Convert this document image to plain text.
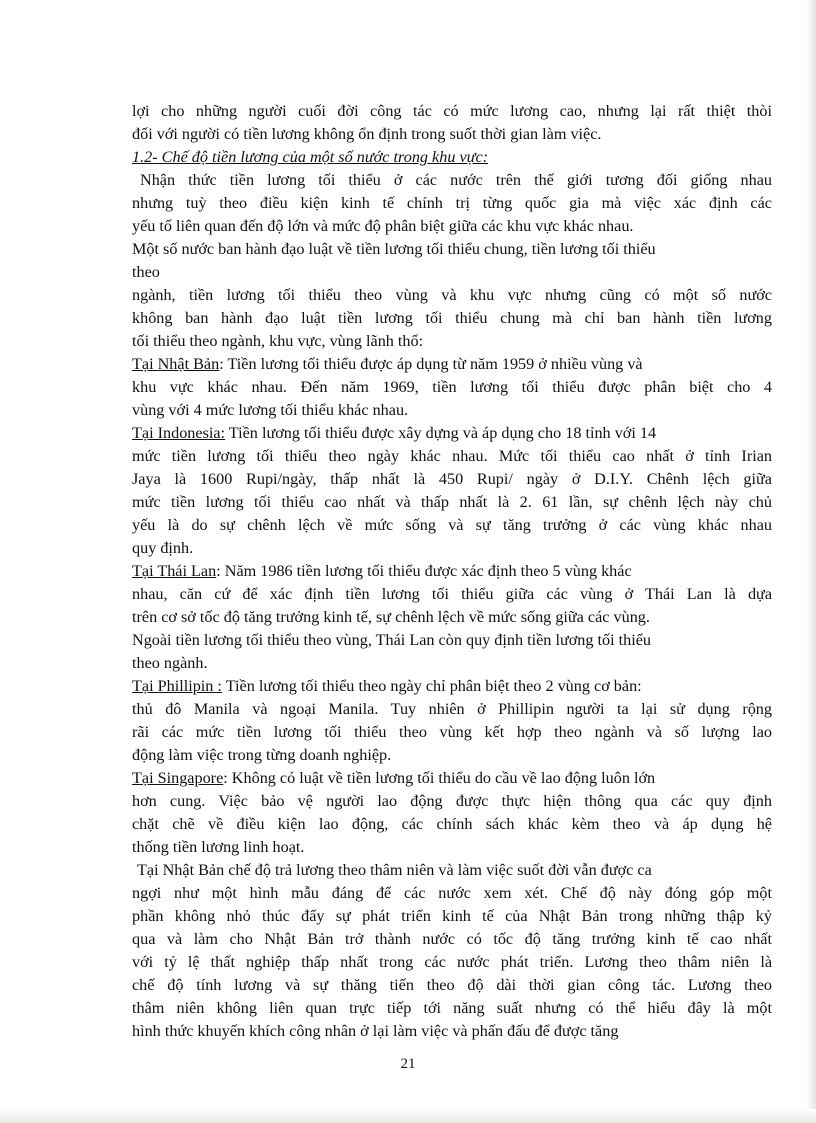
lợi cho những người cuối đời công tác có mức lương cao, nhưng lại rất thiệt thòi
đối với người có tiền lương không ổn định trong suốt thời gian làm việc.
1.2- Chế độ tiền lương của một số nước trong khu vực:
Nhận thức tiền lương tối thiểu ở các nước trên thế giới tương đối giống nhau
nhưng tuỳ theo điều kiện kinh tế chính trị từng quốc gia mà việc xác định các
yếu tố liên quan đến độ lớn và mức độ phân biệt giữa các khu vực khác nhau.
Một số nước ban hành đạo luật về tiền lương tối thiểu chung, tiền lương tối thiểu
theo
ngành, tiền lương tối thiểu theo vùng và khu vực nhưng cũng có một số nước
không ban hành đạo luật tiền lương tối thiểu chung mà chỉ ban hành tiền lương
tối thiểu theo ngành, khu vực, vùng lãnh thổ:
Tại Nhật Bản: Tiền lương tối thiểu được áp dụng từ năm 1959 ở nhiều vùng và
khu vực khác nhau. Đến năm 1969, tiền lương tối thiểu được phân biệt cho 4
vùng với 4 mức lương tối thiểu khác nhau.
Tại Indonesia: Tiền lương tối thiểu được xây dựng và áp dụng cho 18 tỉnh với 14
mức tiền lương tối thiểu theo ngày khác nhau. Mức tối thiểu cao nhất ở tỉnh Irian
Jaya là 1600 Rupi/ngày, thấp nhất là 450 Rupi/ ngày ở D.I.Y. Chênh lệch giữa
mức tiền lương tối thiểu cao nhất và thấp nhất là 2. 61 lần, sự chênh lệch này chủ
yếu là do sự chênh lệch về mức sống và sự tăng trưởng ở các vùng khác nhau
quy định.
Tại Thái Lan: Năm 1986 tiền lương tối thiểu được xác định theo 5 vùng khác
nhau, căn cứ để xác định tiền lương tối thiểu giữa các vùng ở Thái Lan là dựa
trên cơ sở tốc độ tăng trưởng kinh tế, sự chênh lệch về mức sống giữa các vùng.
Ngoài tiền lương tối thiểu theo vùng, Thái Lan còn quy định tiền lương tối thiểu
theo ngành.
Tại Phillipin : Tiền lương tối thiểu theo ngày chỉ phân biệt theo 2 vùng cơ bản:
thủ đô Manila và ngoại Manila. Tuy nhiên ở Phillipin người ta lại sử dụng rộng
rãi các mức tiền lương tối thiểu theo vùng kết hợp theo ngành và số lượng lao
động làm việc trong từng doanh nghiệp.
Tại Singapore: Không có luật về tiền lương tối thiểu do cầu về lao động luôn lớn
hơn cung. Việc bảo vệ người lao động được thực hiện thông qua các quy định
chặt chẽ về điều kiện lao động, các chính sách khác kèm theo và áp dụng hệ
thống tiền lương linh hoạt.
Tại Nhật Bản chế độ trả lương theo thâm niên và làm việc suốt đời vẫn được ca
ngợi như một hình mẫu đáng để các nước xem xét. Chế độ này đóng góp một
phần không nhỏ thúc đẩy sự phát triển kinh tế của Nhật Bản trong những thập kỷ
qua và làm cho Nhật Bản trở thành nước có tốc độ tăng trưởng kinh tế cao nhất
với tỷ lệ thất nghiệp thấp nhất trong các nước phát triển. Lương theo thâm niên là
chế độ tính lương và sự thăng tiến theo độ dài thời gian công tác. Lương theo
thâm niên không liên quan trực tiếp tới năng suất nhưng có thể hiểu đây là một
hình thức khuyến khích công nhân ở lại làm việc và phấn đấu để được tăng
21
